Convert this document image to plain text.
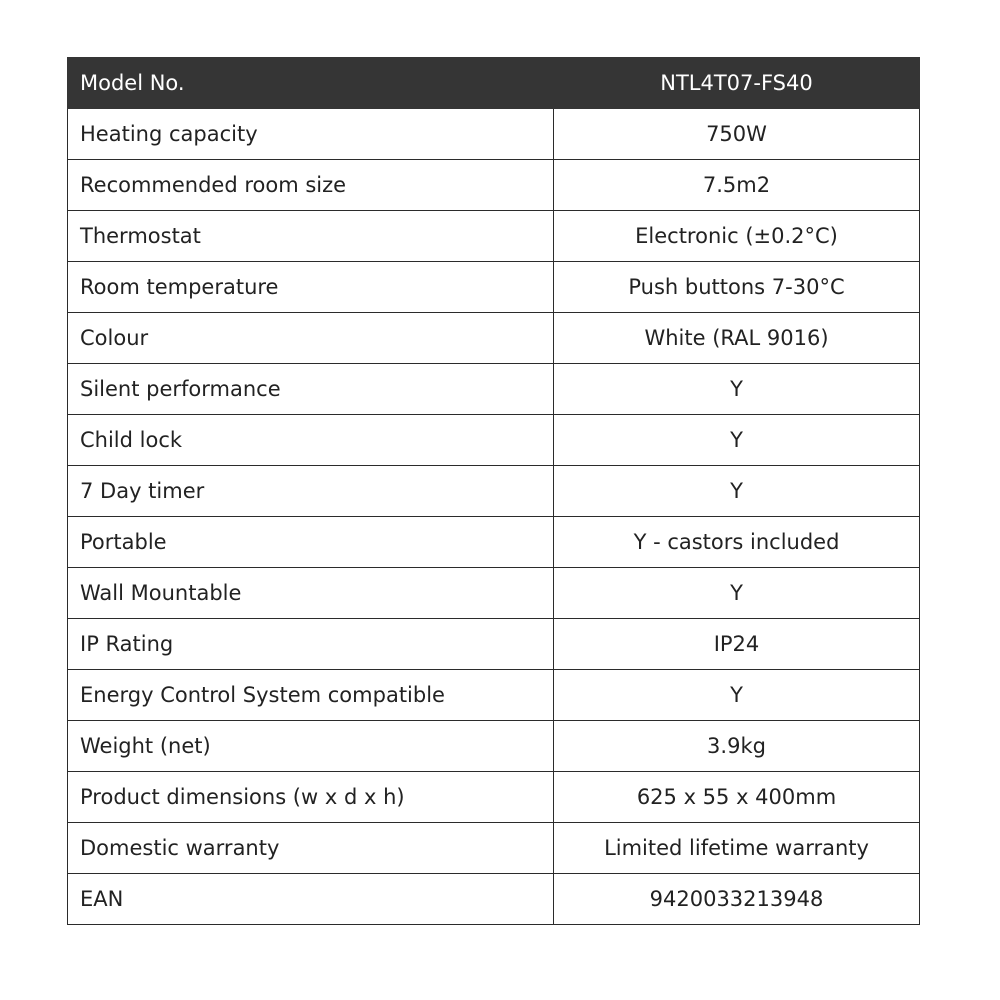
Model No.	NTL4T07-FS40
Heating capacity	750W
Recommended room size	7.5m2
Thermostat	Electronic (±0.2°C)
Room temperature	Push buttons 7-30°C
Colour	White (RAL 9016)
Silent performance	Y
Child lock	Y
7 Day timer	Y
Portable	Y - castors included
Wall Mountable	Y
IP Rating	IP24
Energy Control System compatible	Y
Weight (net)	3.9kg
Product dimensions (w x d x h)	625 x 55 x 400mm
Domestic warranty	Limited lifetime warranty
EAN	9420033213948
